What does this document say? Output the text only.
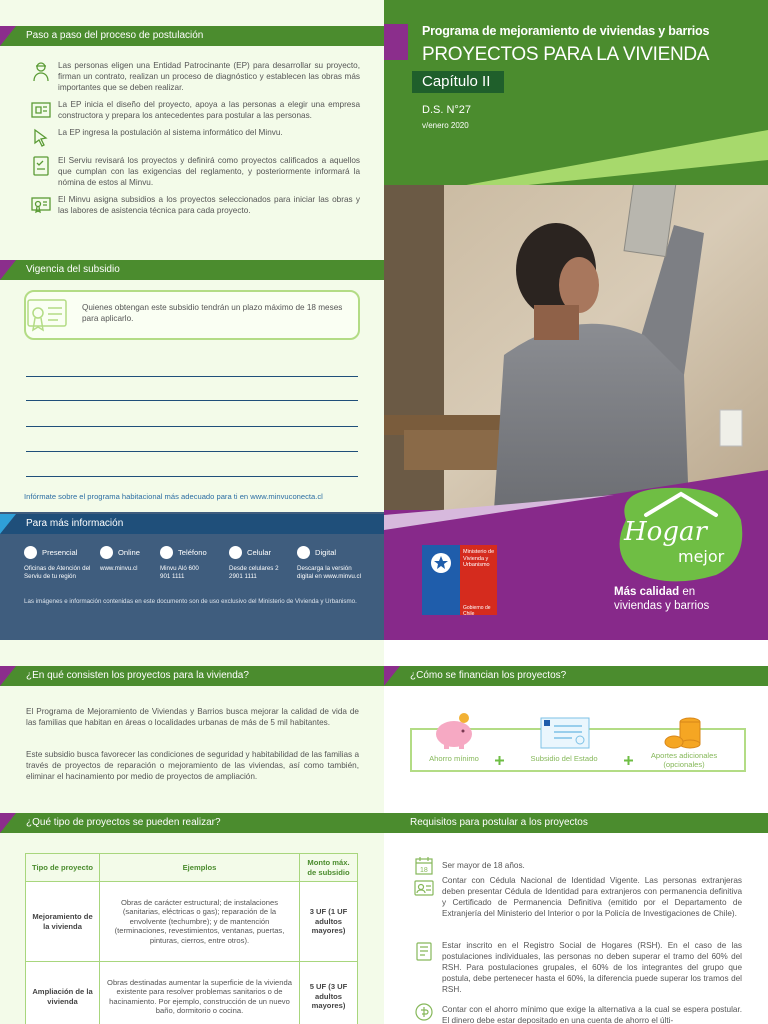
Paso a paso del proceso de postulación
Las personas eligen una Entidad Patrocinante (EP) para desarrollar su proyecto, firman un contrato, realizan un proceso de diagnóstico y establecen las obras más importantes que se deben realizar.
La EP inicia el diseño del proyecto, apoya a las personas a elegir una empresa constructora y prepara los antecedentes para postular a las personas.
La EP ingresa la postulación al sistema informático del Minvu.
El Serviu revisará los proyectos y definirá como proyectos calificados a aquellos que cumplan con las exigencias del reglamento, y posteriormente informará la nómina de estos al Minvu.
El Minvu asigna subsidios a los proyectos seleccionados para iniciar las obras y las labores de asistencia técnica para cada proyecto.
Vigencia del subsidio
Quienes obtengan este subsidio tendrán un plazo máximo de 18 meses para aplicarlo.
Infórmate sobre el programa habitacional más adecuado para ti en www.minvuconecta.cl
Para más información
Presencial
Oficinas de Atención del Serviu de tu región
Online
www.minvu.cl
Teléfono
Minvu Aló 600 901 1111
Celular
Desde celulares 2 2901 1111
Digital
Descarga la versión digital en www.minvu.cl
Las imágenes e información contenidas en este documento son de uso exclusivo del Ministerio de Vivienda y Urbanismo.
Programa de mejoramiento de viviendas y barrios
PROYECTOS PARA LA VIVIENDA
Capítulo II
D.S. N°27
v/enero 2020
Hogar
mejor
Ministerio de
Vivienda y
Urbanismo
Gobierno de Chile
Más calidad en
viviendas y barrios
¿En qué consisten los proyectos para la vivienda?
El Programa de Mejoramiento de Viviendas y Barrios busca mejorar la calidad de vida de las familias que habitan en áreas o localidades urbanas de más de 5 mil habitantes.
Este subsidio busca favorecer las condiciones de seguridad y habitabilidad de las familias a través de proyectos de reparación o mejoramiento de las viviendas, así como también, eliminar el hacinamiento por medio de proyectos de ampliación.
¿Qué tipo de proyectos se pueden realizar?
Tipo de proyecto	Ejemplos	Monto máx. de subsidio
Mejoramiento de la vivienda	Obras de carácter estructural; de instalaciones (sanitarias, eléctricas o gas); reparación de la envolvente (techumbre); y de mantención (terminaciones, revestimientos, ventanas, puertas, pinturas, cierros, entre otros).	3 UF (1 UF adultos mayores)
Ampliación de la vivienda	Obras destinadas aumentar la superficie de la vivienda existente para resolver problemas sanitarios o de hacinamiento. Por ejemplo, construcción de un nuevo baño, dormitorio o cocina.	5 UF (3 UF adultos mayores)
¿Cómo se financian los proyectos?
Ahorro mínimo	Subsidio del Estado	Aportes adicionales (opcionales)
Requisitos para postular a los proyectos
18
Ser mayor de 18 años.
Contar con Cédula Nacional de Identidad Vigente. Las personas extranjeras deben presentar Cédula de Identidad para extranjeros con permanencia definitiva y Certificado de Permanencia Definitiva (emitido por el Departamento de Extranjería del Ministerio del Interior o por la Policía de Investigaciones de Chile).
Estar inscrito en el Registro Social de Hogares (RSH). En el caso de las postulaciones individuales, las personas no deben superar el tramo del 60% del RSH. Para postulaciones grupales, el 60% de los integrantes del grupo que postula, debe pertenecer hasta el 60%, la diferencia puede superar los tramos del RSH.
Contar con el ahorro mínimo que exige la alternativa a la cual se espera postular. El dinero debe estar depositado en una cuenta de ahorro el últi-
